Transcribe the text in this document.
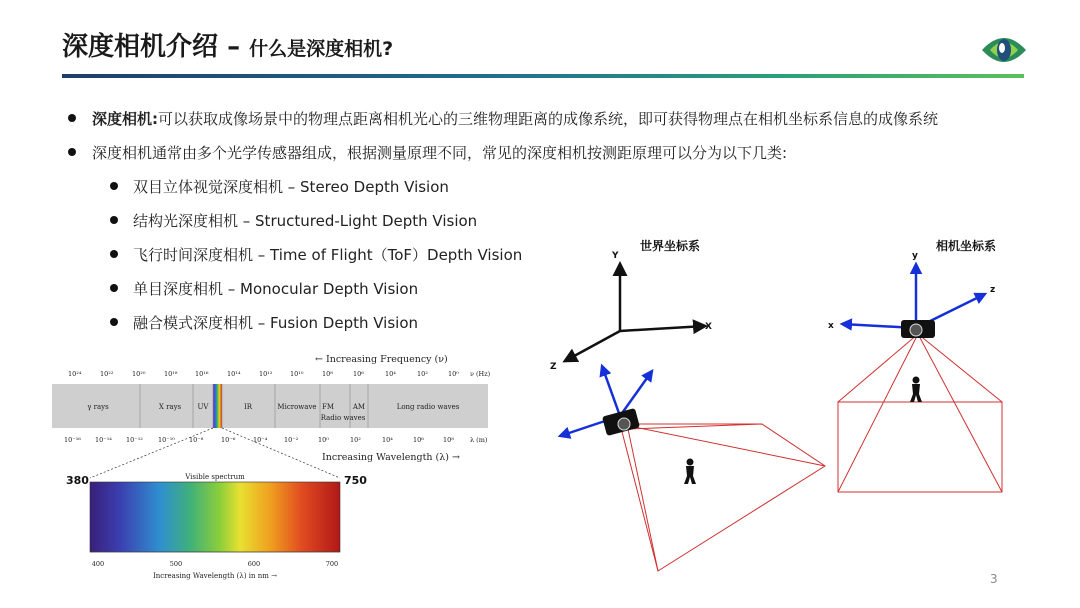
深度相机介绍 – 什么是深度相机?
深度相机:可以获取成像场景中的物理点距离相机光心的三维物理距离的成像系统，即可获得物理点在相机坐标系信息的成像系统
深度相机通常由多个光学传感器组成，根据测量原理不同，常见的深度相机按测距原理可以分为以下几类:
双目立体视觉深度相机 – Stereo Depth Vision
结构光深度相机 – Structured-Light Depth Vision
飞行时间深度相机 – Time of Flight（ToF）Depth Vision
单目深度相机 – Monocular Depth Vision
融合模式深度相机 – Fusion Depth Vision
← Increasing Frequency (ν)
10²⁴	10²²	10²⁰	10¹⁸	10¹⁶	10¹⁴	10¹²	10¹⁰	10⁸	10⁶	10⁴	10²	10⁰ ν (Hz)
γ rays	X rays UV	IR	Microwave FM
Radio waves
AM	Long radio waves
10⁻¹⁶ 10⁻¹⁴ 10⁻¹² 10⁻¹⁰ 10⁻⁸	10⁻⁶	10⁻⁴	10⁻²	10⁰	10²	10⁴	10⁶	10⁸ λ (m)
Increasing Wavelength (λ) →
Visible spectrum
380	750
400	500	600	700
Increasing Wavelength (λ) in nm →
世界坐标系
Y
X
Z
相机坐标系
y
x
z
3
